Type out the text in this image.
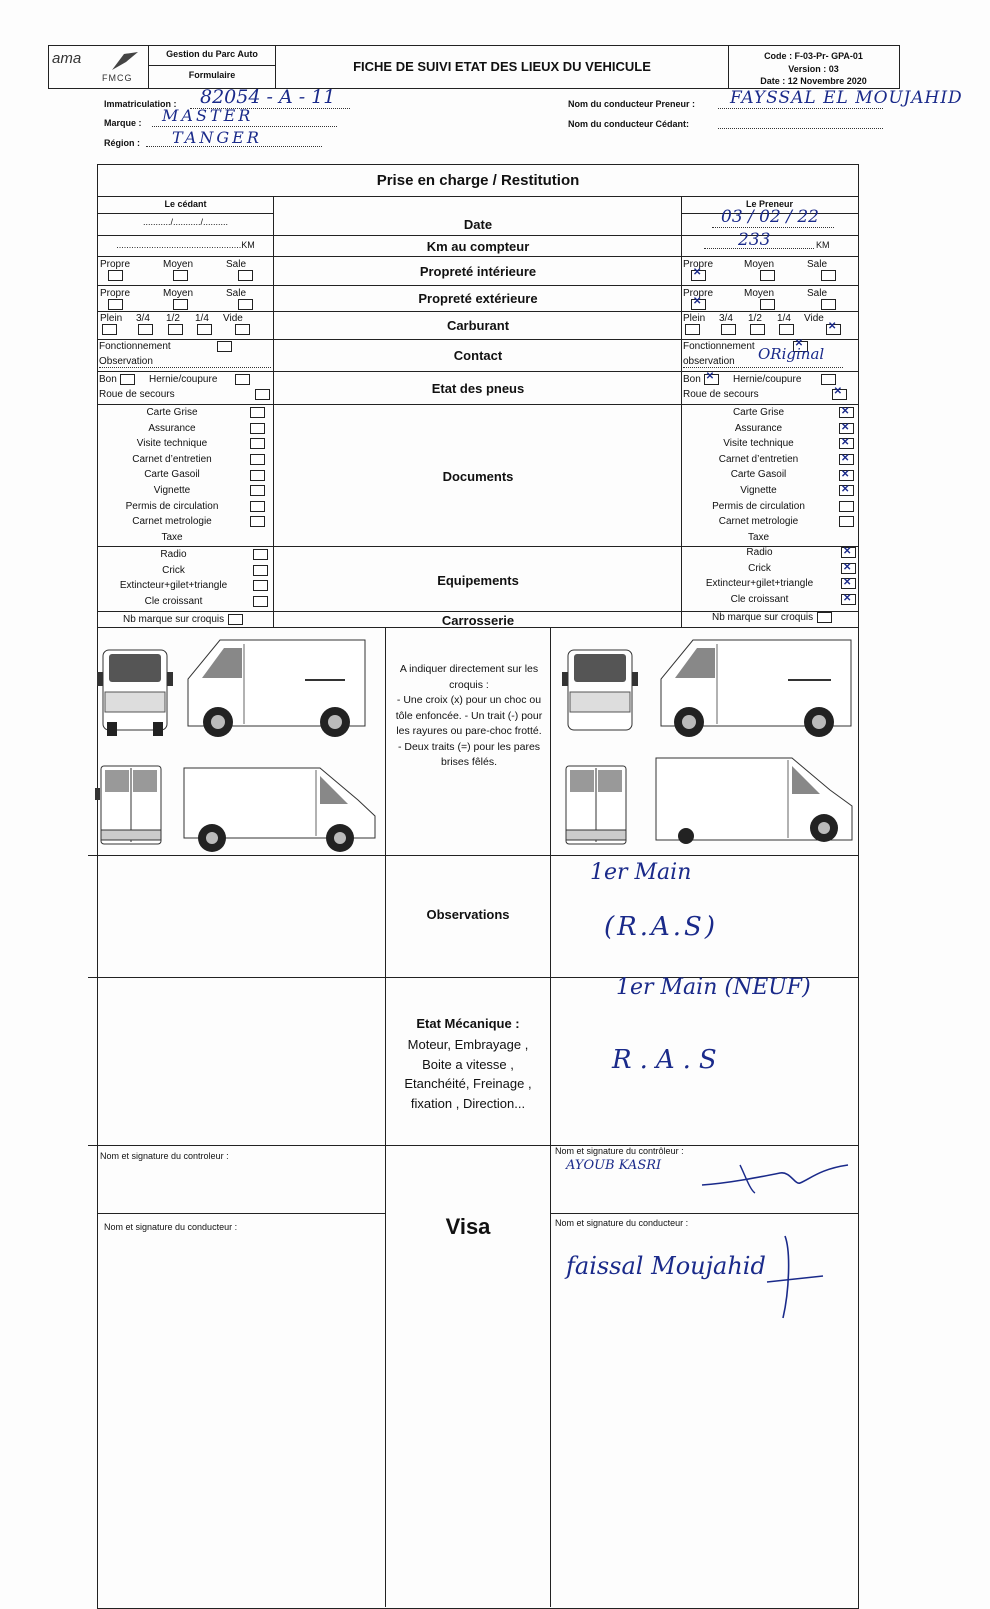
ama
FMCG
Gestion du Parc Auto
Formulaire
FICHE DE SUIVI ETAT DES LIEUX DU VEHICULE
Code : F-03-Pr- GPA-01
Version : 03
Date : 12 Novembre 2020
Immatriculation : 82054 - A - 11
Marque : MASTER
Région : TANGER
Nom du conducteur Preneur : FAYSSAL EL MOUJAHID
Nom du conducteur Cédant:
Prise en charge / Restitution
Le cédant	Le Preneur
Date
.........../.........../..........	03 / 02 / 22
Km au compteur
..................................................KM	233	KM
Propreté intérieure
Propre	Moyen	Sale	Propre
✕	Moyen	Sale

Propreté extérieure
Propre	Moyen	Sale	Propre
✕	Moyen	Sale

Carburant
Plein 3/4	1/2	1/4	Vide	Plein 3/4	1/2	1/4	Vide
✕
Contact
Fonctionnement
Observation
Fonctionnement✕
observation	ORiginal
Etat des pneus
Bon	Hernie/coupure
Roue de secours
Bon✕	Hernie/coupure
Roue de secours✕
Documents
Carte Grise
Assurance
Visite technique
Carnet d’entretien
Carte Gasoil
Vignette
Permis de circulation
Carnet metrologie
Taxe
Carte Grise
✕
Assurance
✕
Visite technique
✕
Carnet d’entretien
✕
Carte Gasoil
✕
Vignette
✕
Permis de circulation
Carnet metrologie
Taxe
Equipements
Radio
Crick
Extincteur+gilet+triangle
Cle croissant
Radio
✕
Crick
✕
Extincteur+gilet+triangle
✕
Cle croissant
✕
Carrosserie
Nb marque sur croquis	Nb marque sur croquis
A indiquer directement sur les croquis :
- Une croix (x) pour un choc ou tôle enfoncée. - Un trait (-) pour les rayures ou pare-choc frotté.
- Deux traits (=) pour les pares brises fêlés.
Observations
1er Main
(R.A.S)
Etat Mécanique :
Moteur, Embrayage , Boite a vitesse , Etanchéité, Freinage , fixation , Direction...
1er Main (NEUF)
R.A.S
Nom et signature du controleur :	Nom et signature du contrôleur :
AYOUB KASRI
Nom et signature du conducteur :	Nom et signature du conducteur :
Visa
faissal Moujahid
